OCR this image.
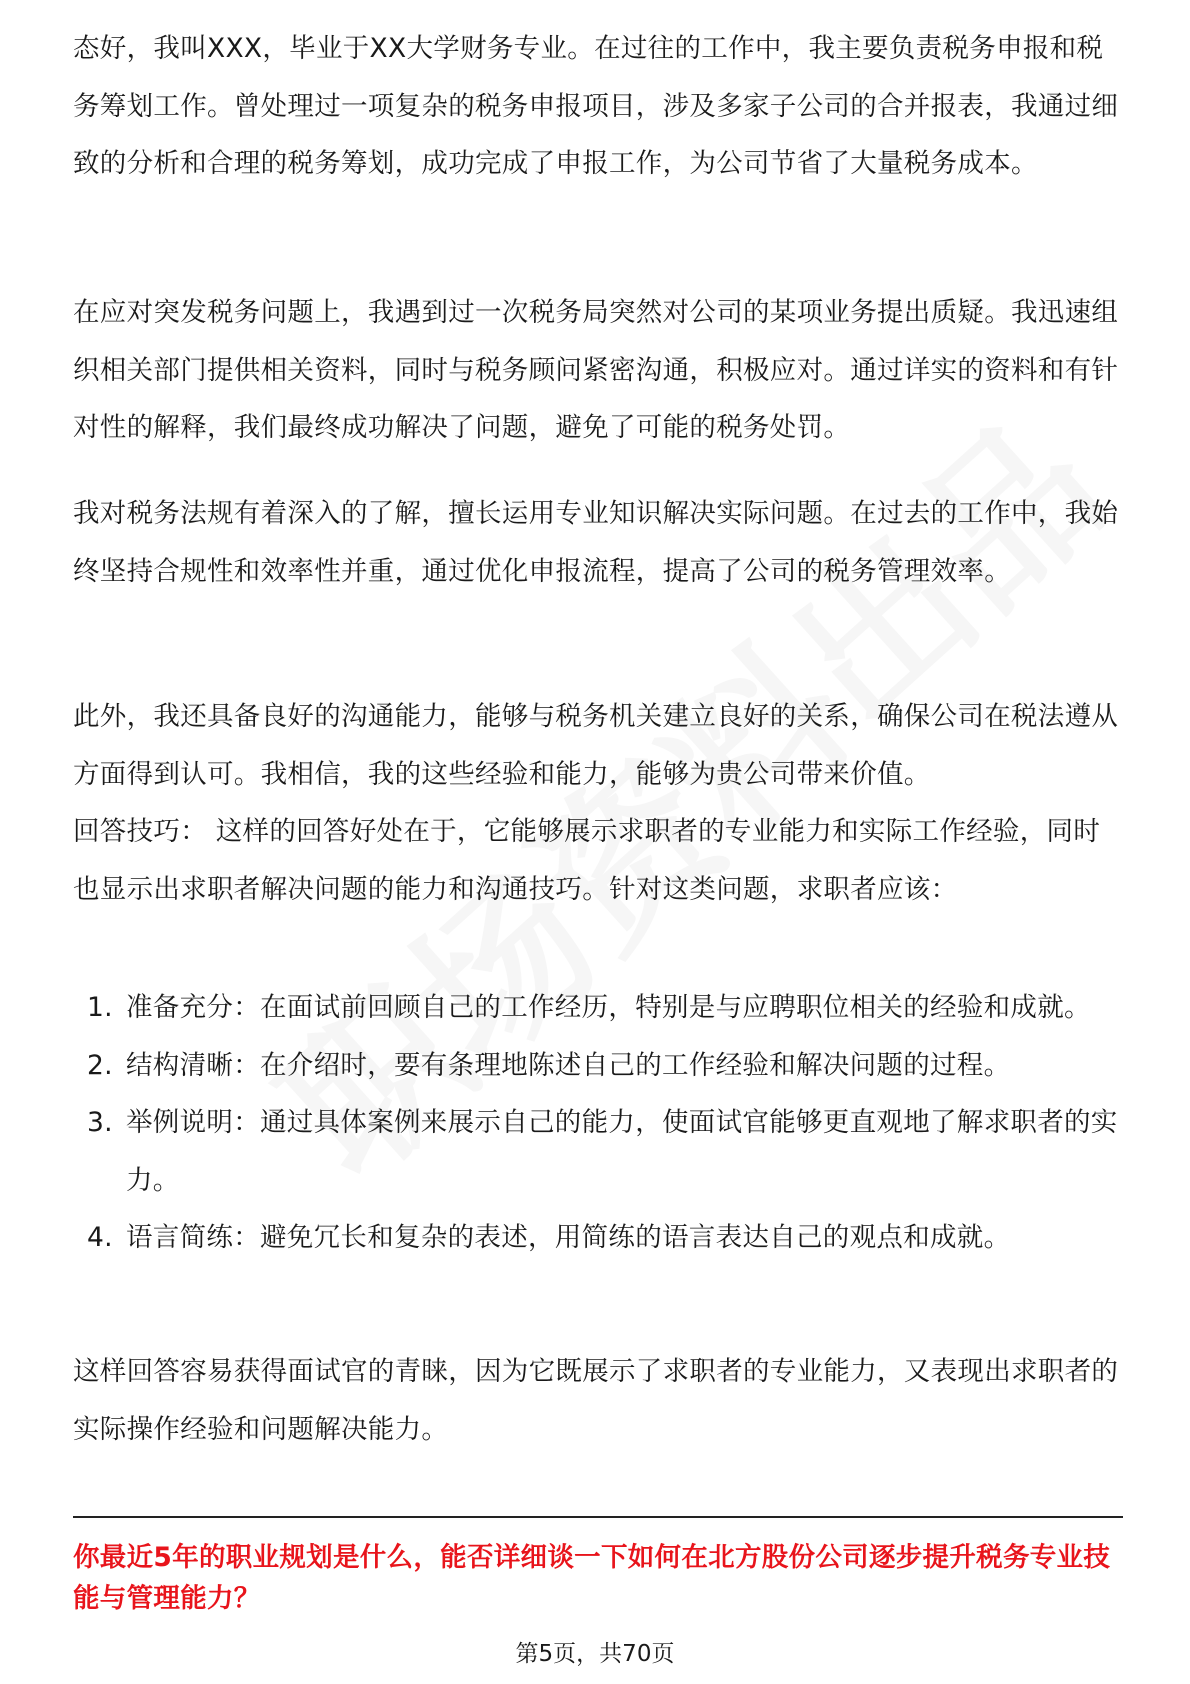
态好，我叫XXX，毕业于XX大学财务专业。在过往的工作中，我主要负责税务申报和税务筹划工作。曾处理过一项复杂的税务申报项目，涉及多家子公司的合并报表，我通过细致的分析和合理的税务筹划，成功完成了申报工作，为公司节省了大量税务成本。

在应对突发税务问题上，我遇到过一次税务局突然对公司的某项业务提出质疑。我迅速组织相关部门提供相关资料，同时与税务顾问紧密沟通，积极应对。通过详实的资料和有针对性的解释，我们最终成功解决了问题，避免了可能的税务处罚。

我对税务法规有着深入的了解，擅长运用专业知识解决实际问题。在过去的工作中，我始终坚持合规性和效率性并重，通过优化申报流程，提高了公司的税务管理效率。

此外，我还具备良好的沟通能力，能够与税务机关建立良好的关系，确保公司在税法遵从方面得到认可。我相信，我的这些经验和能力，能够为贵公司带来价值。

回答技巧： 这样的回答好处在于，它能够展示求职者的专业能力和实际工作经验，同时也显示出求职者解决问题的能力和沟通技巧。针对这类问题，求职者应该：

1. 准备充分：在面试前回顾自己的工作经历，特别是与应聘职位相关的经验和成就。
2. 结构清晰：在介绍时，要有条理地陈述自己的工作经验和解决问题的过程。
3. 举例说明：通过具体案例来展示自己的能力，使面试官能够更直观地了解求职者的实力。
4. 语言简练：避免冗长和复杂的表述，用简练的语言表达自己的观点和成就。

这样回答容易获得面试官的青睐，因为它既展示了求职者的专业能力，又表现出求职者的实际操作经验和问题解决能力。

你最近5年的职业规划是什么，能否详细谈一下如何在北方股份公司逐步提升税务专业技能与管理能力？

第5页，共70页
